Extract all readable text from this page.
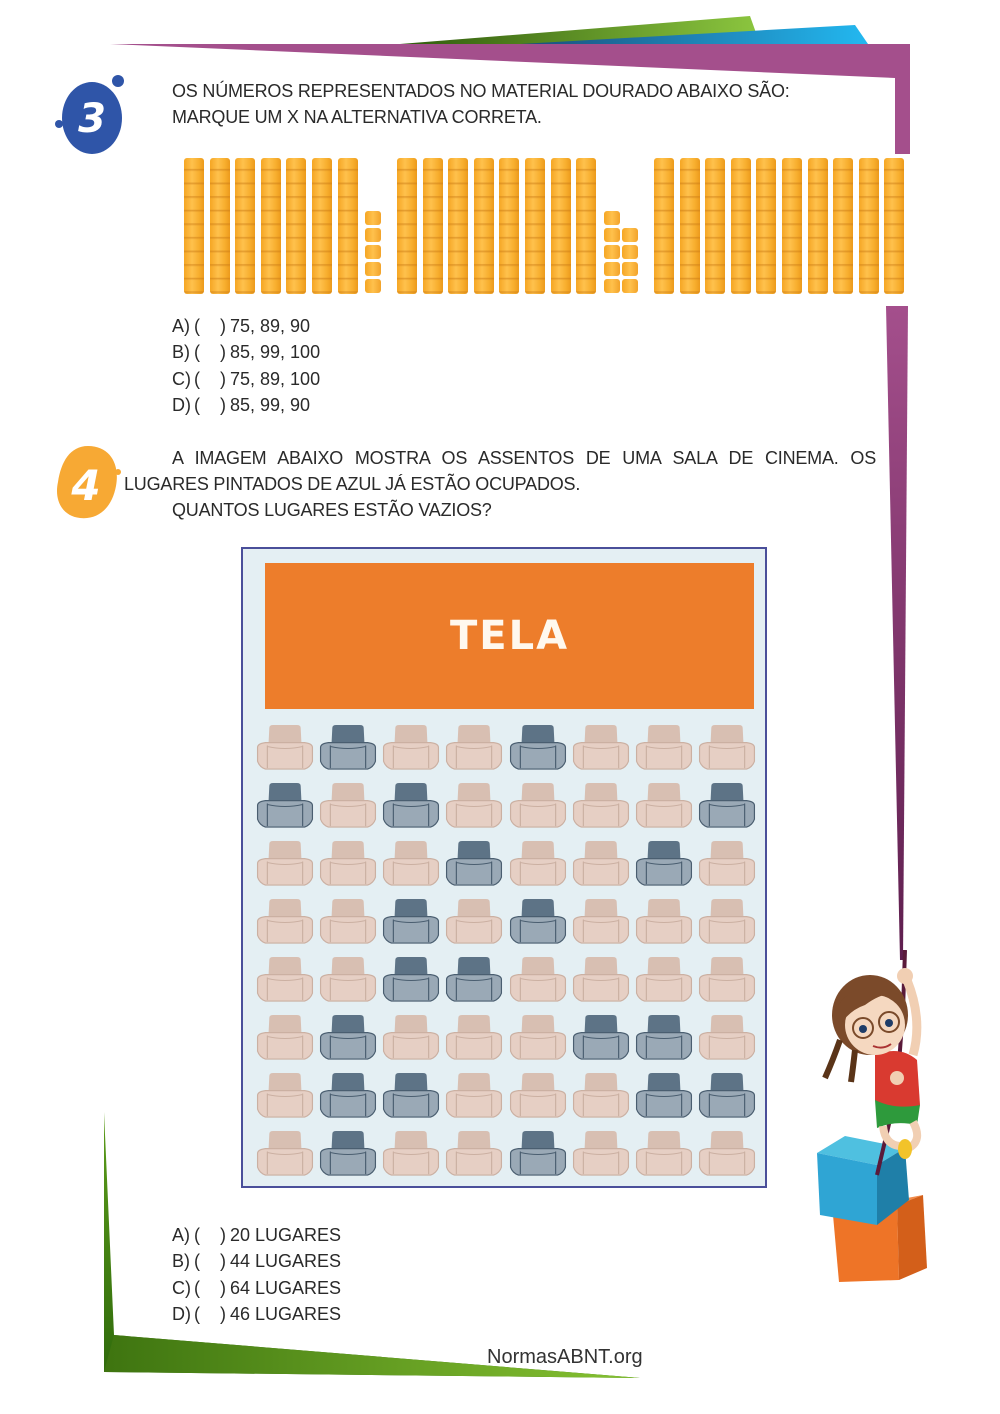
3
OS NÚMEROS REPRESENTADOS NO MATERIAL DOURADO ABAIXO SÃO:
MARQUE UM X NA ALTERNATIVA CORRETA.
A) (	) 75, 89, 90
B) (	) 85, 99, 100
C) (	) 75, 89, 100
D) (	) 85, 99, 90
4
A IMAGEM ABAIXO MOSTRA OS ASSENTOS DE UMA SALA DE CINEMA. OS
LUGARES PINTADOS DE AZUL JÁ ESTÃO OCUPADOS.
QUANTOS LUGARES ESTÃO VAZIOS?
TELA
A) (	) 20 LUGARES
B) (	) 44 LUGARES
C) (	) 64 LUGARES
D) (	) 46 LUGARES
NormasABNT.org
